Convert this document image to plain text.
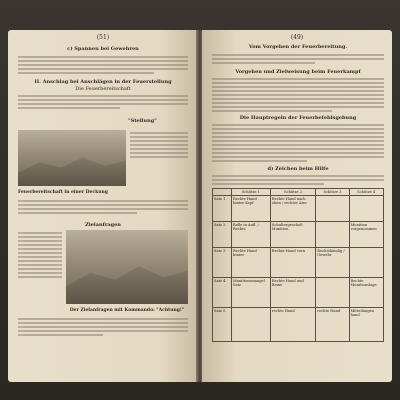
(51)
c) Spannen bei Gewehren
II. Anschlag bei Anschlägen in der Feuerstellung
Die Feuerbereitschaft
"Stellung"
Feuerbereitschaft in einer Deckung
Zielanfragen
Der Zielanfragen mit Kommando: "Achtung!"
(49)
Vom Vorgehen der Feuerbereitung.
Vorgehen und Zielweisung beim Feuerkampf
Die Hauptregeln der Feuerbefehlsgebung
d) Zeichen beim Hilfe
	Schütze 1	Schütze 2	Schütze 3	Schütze 4
Satz 1	Rechte Hand hinter Kopf	Rechte Hand nach oben / rechter Arm		
Satz 2	Rolle in Aufl. / Rechts	Schultergeschoß Munition		Munition vorgenommen
Satz 3	Rechte Hand hinter	Rechte Hand vorn	Rechtshändig / Gewehr	
Satz 4	Munitionsmangel Satz	Rechte Hand und Beine		Rechte Munitionslage
Satz 5		rechte Hand	rechte Hand	Mitteilungen hand
